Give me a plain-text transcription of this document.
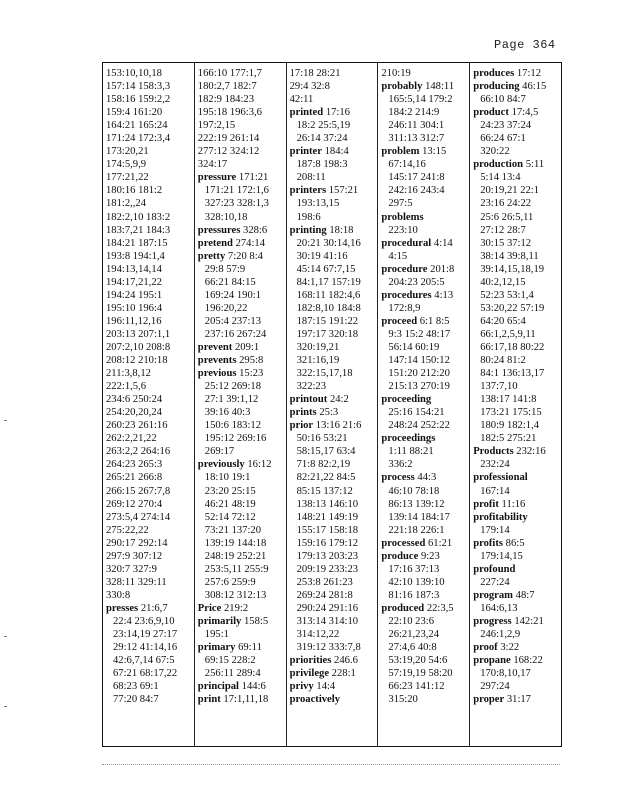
Page 364
153:10,10,18
157:14 158:3,3
158:16 159:2,2
159:4 161:20
164:21 165:24
171:24 172:3,4
173:20,21
174:5,9,9
177:21,22
180:16 181:2
181:2,,24
182:2,10 183:2
183:7,21 184:3
184:21 187:15
193:8 194:1,4
194:13,14,14
194:17,21,22
194:24 195:1
195:10 196:4
196:11,12,16
203:13 207:1,1
207:2,10 208:8
208:12 210:18
211:3,8,12
222:1,5,6
234:6 250:24
254:20,20,24
260:23 261:16
262:2,21,22
263:2,2 264:16
264:23 265:3
265:21 266:8
266:15 267:7,8
269:12 270:4
273:5,4 274:14
275:22,22
290:17 292:14
297:9 307:12
320:7 327:9
328:11 329:11
330:8
presses 21:6,7
22:4 23:6,9,10
23:14,19 27:17
29:12 41:14,16
42:6,7,14 67:5
67:21 68:17,22
68:23 69:1
77:20 84:7
166:10 177:1,7
180:2,7 182:7
182:9 184:23
195:18 196:3,6
197:2,15
222:19 261:14
277:12 324:12
324:17
pressure 171:21
171:21 172:1,6
327:23 328:1,3
328:10,18
pressures 328:6
pretend 274:14
pretty 7:20 8:4
29:8 57:9
66:21 84:15
169:24 190:1
196:20,22
205:4 237:13
237:16 267:24
prevent 209:1
prevents 295:8
previous 15:23
25:12 269:18
27:1 39:1,12
39:16 40:3
150:6 183:12
195:12 269:16
269:17
previously 16:12
18:10 19:1
23:20 25:15
46:21 48:19
52:14 72:12
73:21 137:20
139:19 144:18
248:19 252:21
253:5,11 255:9
257:6 259:9
308:12 312:13
Price 219:2
primarily 158:5
195:1
primary 69:11
69:15 228:2
256:11 289:4
principal 144:6
print 17:1,11,18
17:18 28:21
29:4 32:8
42:11
printed 17:16
18:2 25:5,19
26:14 37:24
printer 184:4
187:8 198:3
208:11
printers 157:21
193:13,15
198:6
printing 18:18
20:21 30:14,16
30:19 41:16
45:14 67:7,15
84:1,17 157:19
168:11 182:4,6
182:8,10 184:8
187:15 191:22
197:17 320:18
320:19,21
321:16,19
322:15,17,18
322:23
printout 24:2
prints 25:3
prior 13:16 21:6
50:16 53:21
58:15,17 63:4
71:8 82:2,19
82:21,22 84:5
85:15 137:12
138:13 146:10
148:21 149:19
155:17 158:18
159:16 179:12
179:13 203:23
209:19 233:23
253:8 261:23
269:24 281:8
290:24 291:16
313:14 314:10
314:12,22
319:12 333:7,8
priorities 246.6
privilege 228:1
privy 14:4
proactively
210:19
probably 148:11
165:5,14 179:2
184:2 214:9
246:11 304:1
311:13 312:7
problem 13:15
67:14,16
145:17 241:8
242:16 243:4
297:5
problems
223:10
procedural 4:14
4:15
procedure 201:8
204:23 205:5
procedures 4:13
172:8,9
proceed 6:1 8:5
9:3 15:2 48:17
56:14 60:19
147:14 150:12
151:20 212:20
215:13 270:19
proceeding
25:16 154:21
248:24 252:22
proceedings
1:11 88:21
336:2
process 44:3
46:10 78:18
86:13 139:12
139:14 184:17
221:18 226:1
processed 61:21
produce 9:23
17:16 37:13
42:10 139:10
81:16 187:3
produced 22:3,5
22:10 23:6
26:21,23,24
27:4,6 40:8
53:19,20 54:6
57:19,19 58:20
66:23 141:12
315:20
produces 17:12
producing 46:15
66:10 84:7
product 17:4,5
24:23 37:24
66:24 67:1
320:22
production 5:11
5:14 13:4
20:19,21 22:1
23:16 24:22
25:6 26:5,11
27:12 28:7
30:15 37:12
38:14 39:8,11
39:14,15,18,19
40:2,12,15
52:23 53:1,4
53:20,22 57:19
64:20 65:4
66:1,2,5,9,11
66:17,18 80:22
80:24 81:2
84:1 136:13,17
137:7,10
138:17 141:8
173:21 175:15
180:9 182:1,4
182:5 275:21
Products 232:16
232:24
professional
167:14
profit 11:16
profitability
179:14
profits 86:5
179:14,15
profound
227:24
program 48:7
164:6,13
progress 142:21
246:1,2,9
proof 3:22
propane 168:22
170:8,10,17
297:24
proper 31:17
